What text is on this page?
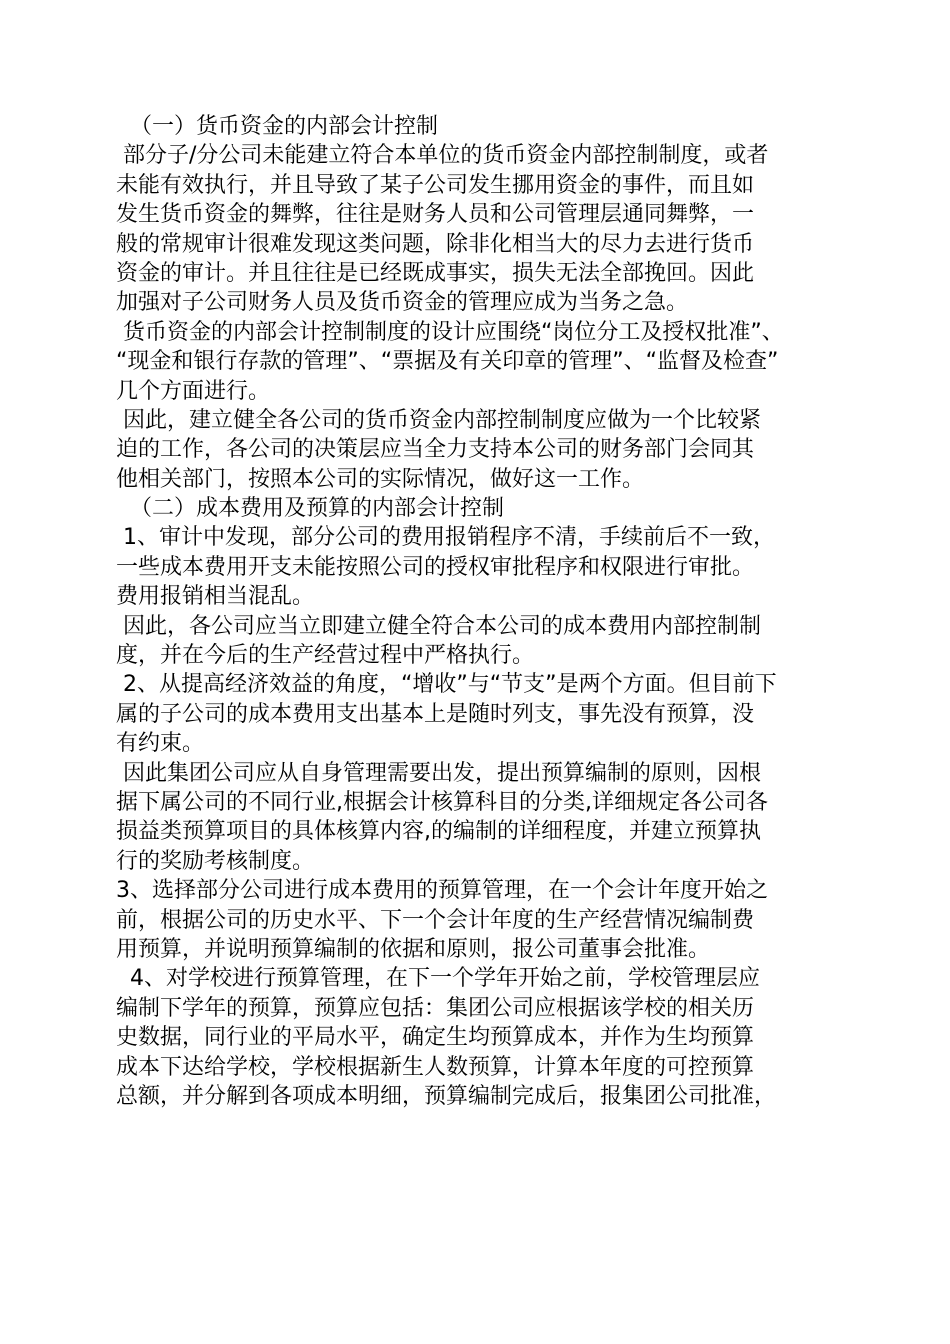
（一）货币资金的内部会计控制
部分子/分公司未能建立符合本单位的货币资金内部控制制度，或者
未能有效执行，并且导致了某子公司发生挪用资金的事件，而且如
发生货币资金的舞弊，往往是财务人员和公司管理层通同舞弊，一
般的常规审计很难发现这类问题，除非化相当大的尽力去进行货币
资金的审计。并且往往是已经既成事实，损失无法全部挽回。因此
加强对子公司财务人员及货币资金的管理应成为当务之急。
货币资金的内部会计控制制度的设计应围绕“岗位分工及授权批准”、
“现金和银行存款的管理”、“票据及有关印章的管理”、“监督及检查”
几个方面进行。
因此，建立健全各公司的货币资金内部控制制度应做为一个比较紧
迫的工作，各公司的决策层应当全力支持本公司的财务部门会同其
他相关部门，按照本公司的实际情况，做好这一工作。
（二）成本费用及预算的内部会计控制
1、审计中发现，部分公司的费用报销程序不清，手续前后不一致，
一些成本费用开支未能按照公司的授权审批程序和权限进行审批。
费用报销相当混乱。
因此，各公司应当立即建立健全符合本公司的成本费用内部控制制
度，并在今后的生产经营过程中严格执行。
2、从提高经济效益的角度，“增收”与“节支”是两个方面。但目前下
属的子公司的成本费用支出基本上是随时列支，事先没有预算，没
有约束。
因此集团公司应从自身管理需要出发，提出预算编制的原则，因根
据下属公司的不同行业,根据会计核算科目的分类,详细规定各公司各
损益类预算项目的具体核算内容,的编制的详细程度，并建立预算执
行的奖励考核制度。
3、选择部分公司进行成本费用的预算管理，在一个会计年度开始之
前，根据公司的历史水平、下一个会计年度的生产经营情况编制费
用预算，并说明预算编制的依据和原则，报公司董事会批准。
4、对学校进行预算管理，在下一个学年开始之前，学校管理层应
编制下学年的预算，预算应包括：集团公司应根据该学校的相关历
史数据，同行业的平局水平，确定生均预算成本，并作为生均预算
成本下达给学校，学校根据新生人数预算，计算本年度的可控预算
总额，并分解到各项成本明细，预算编制完成后，报集团公司批准，
